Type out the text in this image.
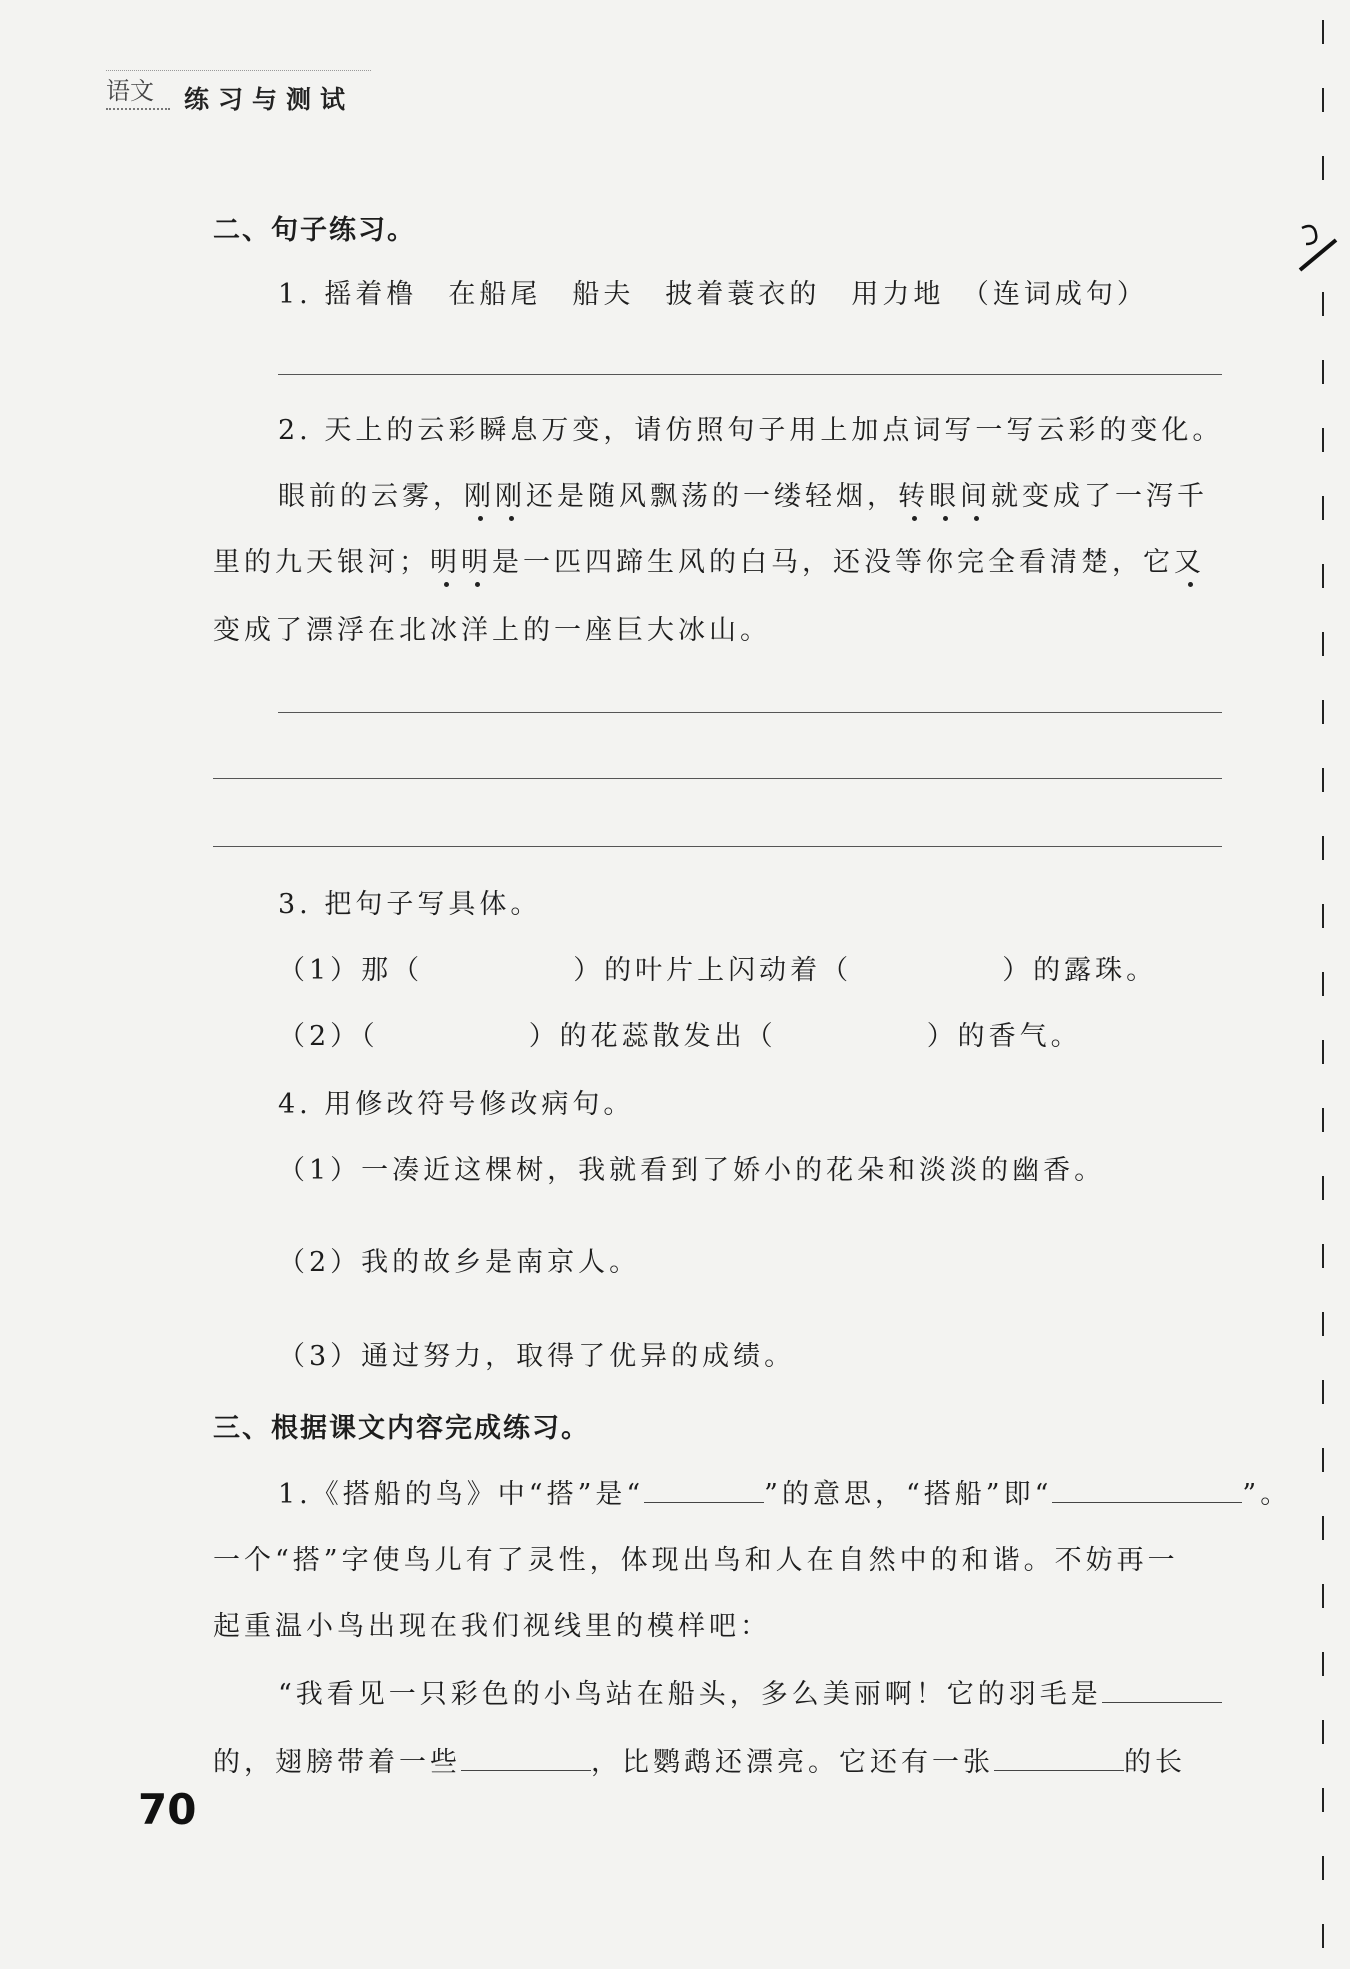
语文	练习与测试
二、句子练习。
1. 摇着橹　在船尾　船夫　披着蓑衣的　用力地　（连词成句）
2. 天上的云彩瞬息万变，请仿照句子用上加点词写一写云彩的变化。
眼前的云雾，刚刚还是随风飘荡的一缕轻烟，转眼间就变成了一泻千
里的九天银河；明明是一匹四蹄生风的白马，还没等你完全看清楚，它又
变成了漂浮在北冰洋上的一座巨大冰山。
3. 把句子写具体。
（1）那（	）的叶片上闪动着（	）的露珠。
（2）（	）的花蕊散发出（	）的香气。
4. 用修改符号修改病句。
（1）一凑近这棵树，我就看到了娇小的花朵和淡淡的幽香。
（2）我的故乡是南京人。
（3）通过努力，取得了优异的成绩。
三、根据课文内容完成练习。
1.《搭船的鸟》中“搭”是“	”的意思，“搭船”即“	”。
一个“搭”字使鸟儿有了灵性，体现出鸟和人在自然中的和谐。不妨再一
起重温小鸟出现在我们视线里的模样吧：
“我看见一只彩色的小鸟站在船头，多么美丽啊！它的羽毛是
的，翅膀带着一些	，比鹦鹉还漂亮。它还有一张	的长
70
